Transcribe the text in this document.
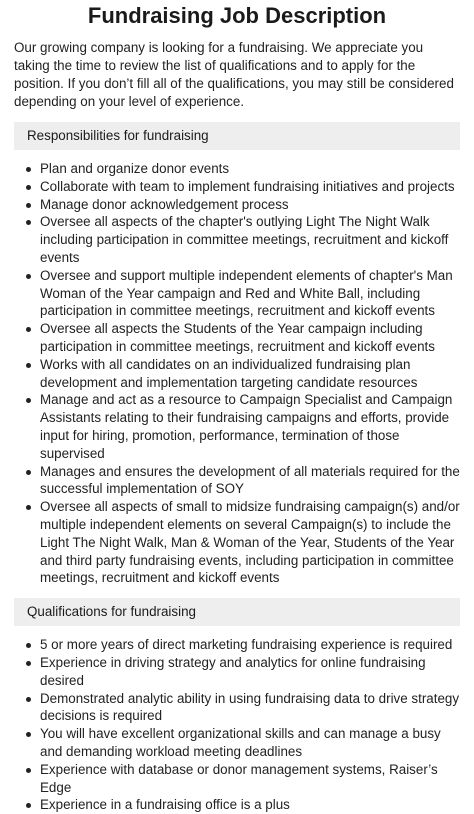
Fundraising Job Description

Our growing company is looking for a fundraising. We appreciate you taking the time to review the list of qualifications and to apply for the position. If you don’t fill all of the qualifications, you may still be considered depending on your level of experience.

Responsibilities for fundraising
Plan and organize donor events
Collaborate with team to implement fundraising initiatives and projects
Manage donor acknowledgement process
Oversee all aspects of the chapter's outlying Light The Night Walk including participation in committee meetings, recruitment and kickoff events
Oversee and support multiple independent elements of chapter's Man Woman of the Year campaign and Red and White Ball, including participation in committee meetings, recruitment and kickoff events
Oversee all aspects the Students of the Year campaign including participation in committee meetings, recruitment and kickoff events
Works with all candidates on an individualized fundraising plan development and implementation targeting candidate resources
Manage and act as a resource to Campaign Specialist and Campaign Assistants relating to their fundraising campaigns and efforts, provide input for hiring, promotion, performance, termination of those supervised
Manages and ensures the development of all materials required for the successful implementation of SOY
Oversee all aspects of small to midsize fundraising campaign(s) and/or multiple independent elements on several Campaign(s) to include the Light The Night Walk, Man & Woman of the Year, Students of the Year and third party fundraising events, including participation in committee meetings, recruitment and kickoff events
Qualifications for fundraising
5 or more years of direct marketing fundraising experience is required
Experience in driving strategy and analytics for online fundraising desired
Demonstrated analytic ability in using fundraising data to drive strategy decisions is required
You will have excellent organizational skills and can manage a busy and demanding workload meeting deadlines
Experience with database or donor management systems, Raiser’s Edge
Experience in a fundraising office is a plus
